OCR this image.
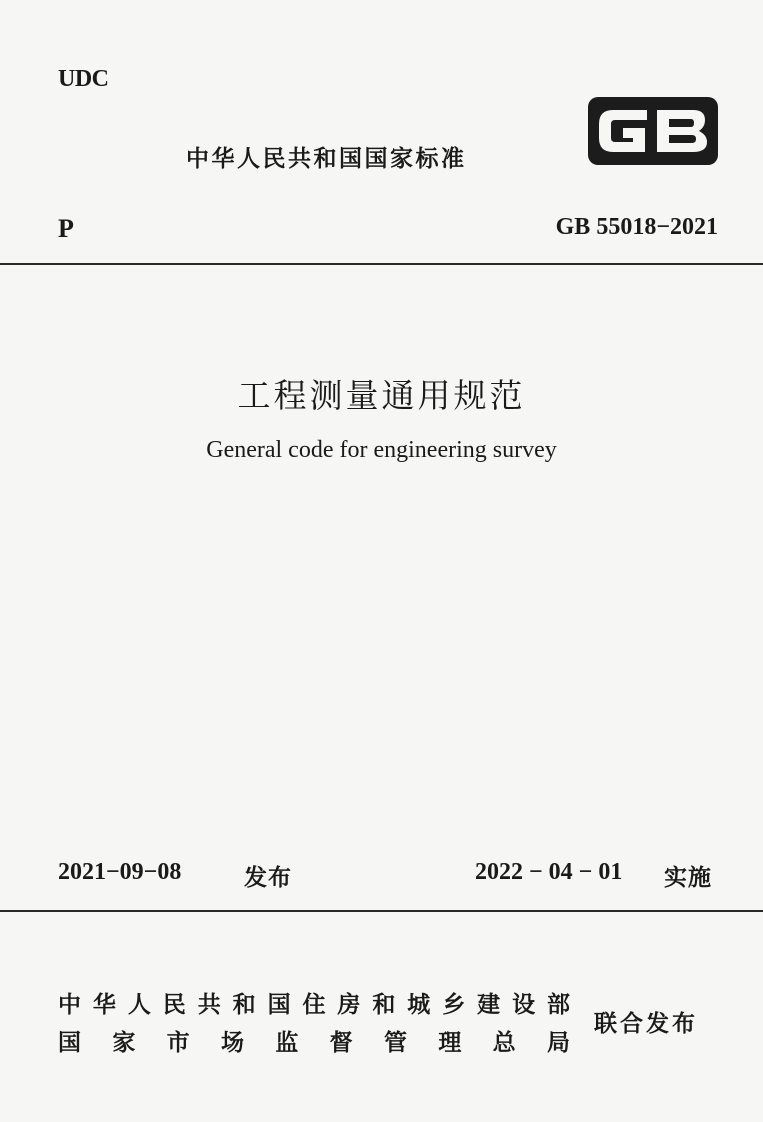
UDC
中华人民共和国国家标准
P	GB 55018−2021
工程测量通用规范
General code for engineering survey
2021−09−08	发布	2022 − 04 − 01 实施
中华人民共和国住房和城乡建设部
国家市场监督管理总局
联合发布
